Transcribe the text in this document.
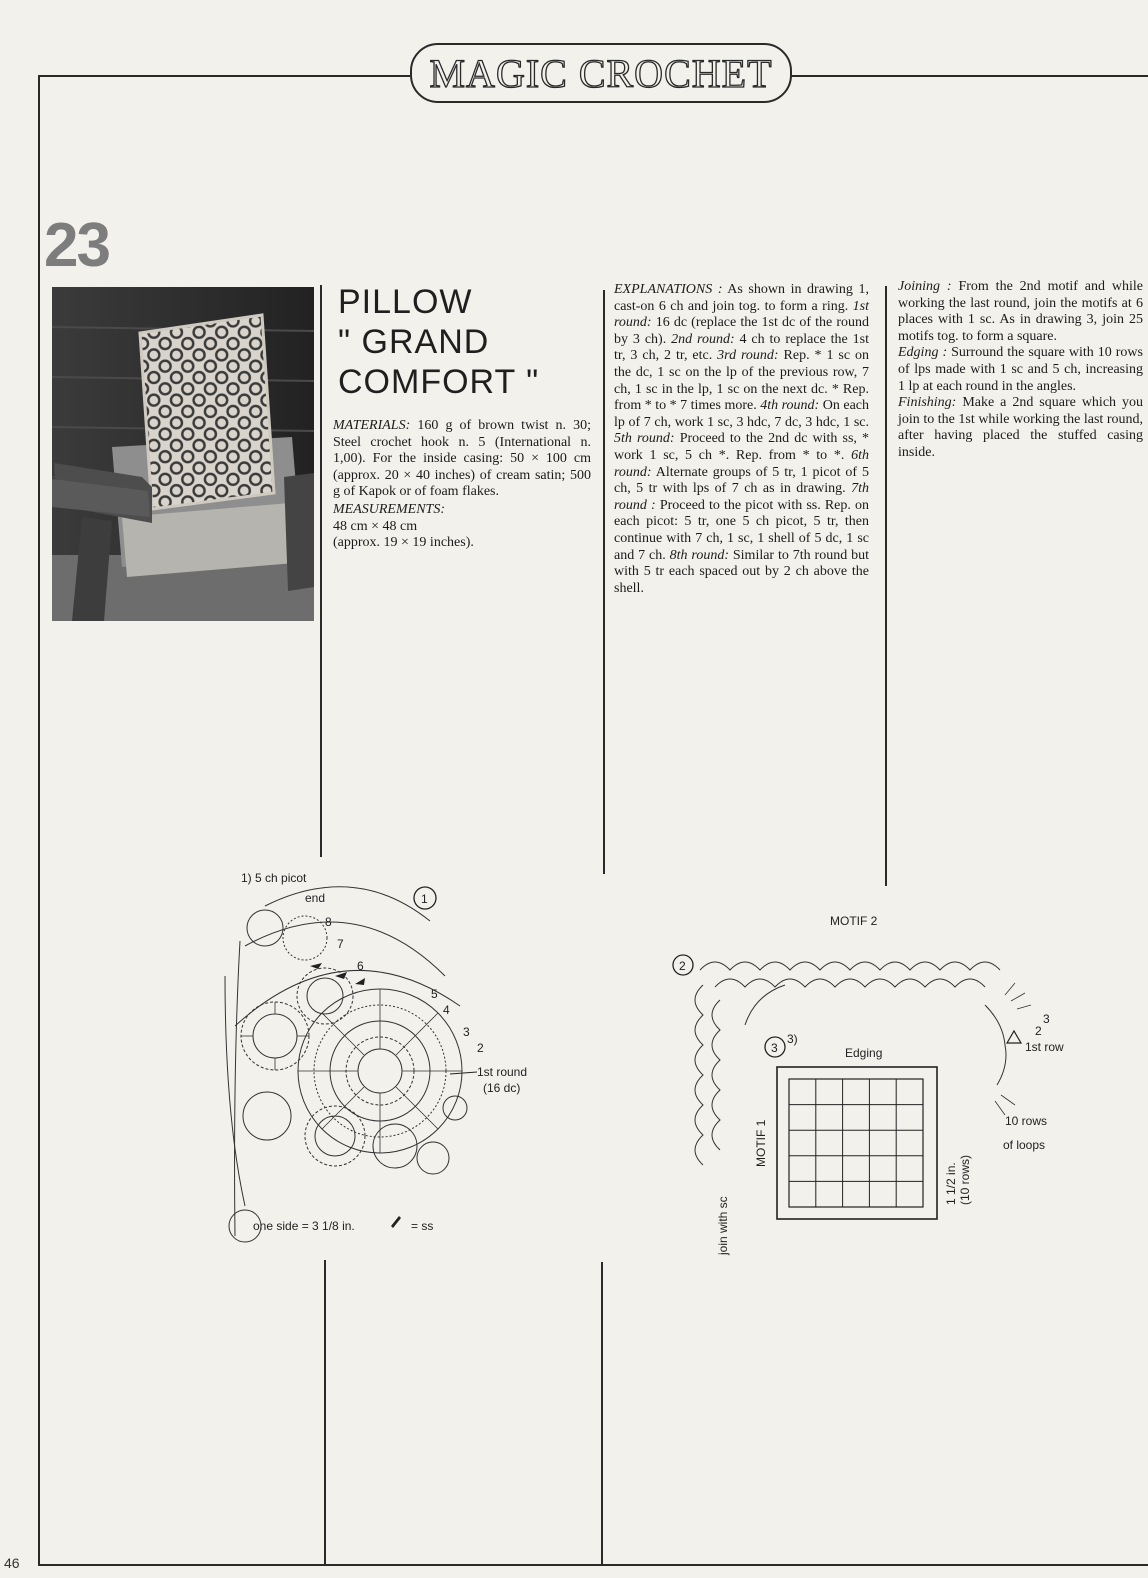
MAGIC CROCHET
23
46
PILLOW
" GRAND
COMFORT "

MATERIALS: 160 g of brown twist n. 30; Steel crochet hook n. 5 (International n. 1,00). For the inside casing: 50 × 100 cm (approx. 20 × 40 inches) of cream satin; 500 g of Kapok or of foam flakes.

MEASUREMENTS:

48 cm × 48 cm

(approx. 19 × 19 inches).

EXPLANATIONS : As shown in drawing 1, cast-on 6 ch and join tog. to form a ring. 1st round: 16 dc (replace the 1st dc of the round by 3 ch). 2nd round: 4 ch to replace the 1st tr, 3 ch, 2 tr, etc. 3rd round: Rep. * 1 sc on the dc, 1 sc on the lp of the previous row, 7 ch, 1 sc in the lp, 1 sc on the next dc. * Rep. from * to * 7 times more. 4th round: On each lp of 7 ch, work 1 sc, 3 hdc, 7 dc, 3 hdc, 1 sc. 5th round: Proceed to the 2nd dc with ss, * work 1 sc, 5 ch *. Rep. from * to *. 6th round: Alternate groups of 5 tr, 1 picot of 5 ch, 5 tr with lps of 7 ch as in drawing. 7th round : Proceed to the picot with ss. Rep. on each picot: 5 tr, one 5 ch picot, 5 tr, then continue with 7 ch, 1 sc, 1 shell of 5 dc, 1 sc and 7 ch. 8th round: Similar to 7th round but with 5 tr each spaced out by 2 ch above the shell.

Joining : From the 2nd motif and while working the last round, join the motifs at 6 places with 1 sc. As in drawing 3, join 25 motifs tog. to form a square.

Edging : Surround the square with 10 rows of lps made with 1 sc and 5 ch, increasing 1 lp at each round in the angles.

Finishing: Make a 2nd square which you join to the 1st while working the last round, after having placed the stuffed casing inside.

1) 5 ch picot
end	1
8
7
6
5
4
3
2
1st round
(16 dc)
one side = 3 1/8 in.	= ss
MOTIF 2
2
1st row
3
2
3
3)
Edging
MOTIF 1
join with sc
1 1/2 in. (10 rows)
10 rows
of loops
